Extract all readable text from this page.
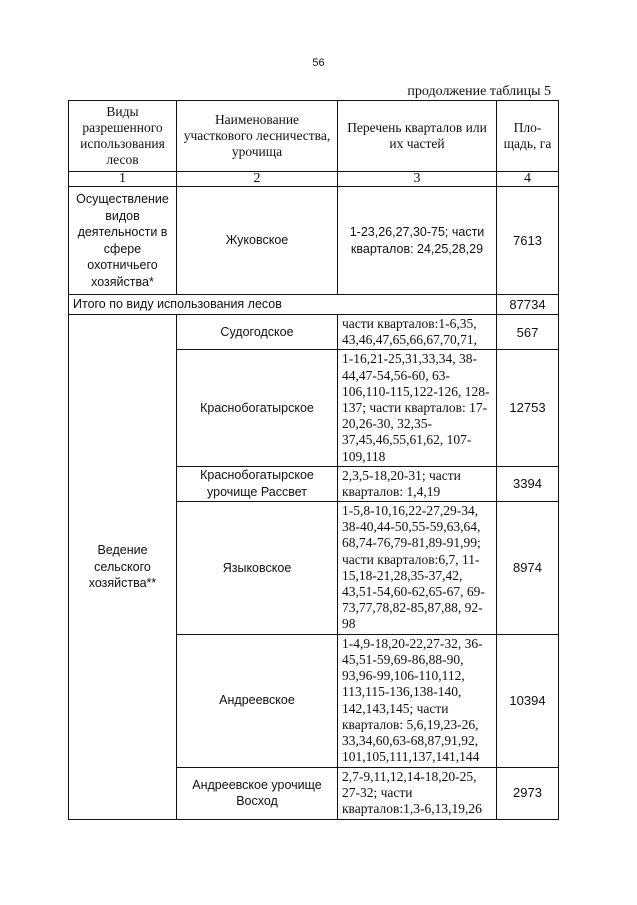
56
продолжение таблицы 5
Виды разрешенного использования лесов	Наименование участкового лесничества, урочища	Перечень кварталов или их частей	Пло-щадь, га
1	2	3	4
Осуществление видов деятельности в сфере охотничьего хозяйства*	Жуковское	1-23,26,27,30-75; части кварталов: 24,25,28,29	7613
Итого по виду использования лесов			87734
Ведение сельского хозяйства**	Судогодское	части кварталов:1-6,35, 43,46,47,65,66,67,70,71,	567
	Краснобогатырское	1-16,21-25,31,33,34, 38-44,47-54,56-60, 63-106,110-115,122-126, 128-137; части кварталов: 17-20,26-30, 32,35-37,45,46,55,61,62, 107-109,118	12753
	Краснобогатырское урочище Рассвет	2,3,5-18,20-31; части кварталов: 1,4,19	3394
	Языковское	1-5,8-10,16,22-27,29-34, 38-40,44-50,55-59,63,64, 68,74-76,79-81,89-91,99; части кварталов:6,7, 11-15,18-21,28,35-37,42, 43,51-54,60-62,65-67, 69-73,77,78,82-85,87,88, 92-98	8974
	Андреевское	1-4,9-18,20-22,27-32, 36-45,51-59,69-86,88-90, 93,96-99,106-110,112, 113,115-136,138-140, 142,143,145; части кварталов: 5,6,19,23-26, 33,34,60,63-68,87,91,92, 101,105,111,137,141,144	10394
	Андреевское урочище Восход	2,7-9,11,12,14-18,20-25, 27-32; части кварталов:1,3-6,13,19,26	2973
